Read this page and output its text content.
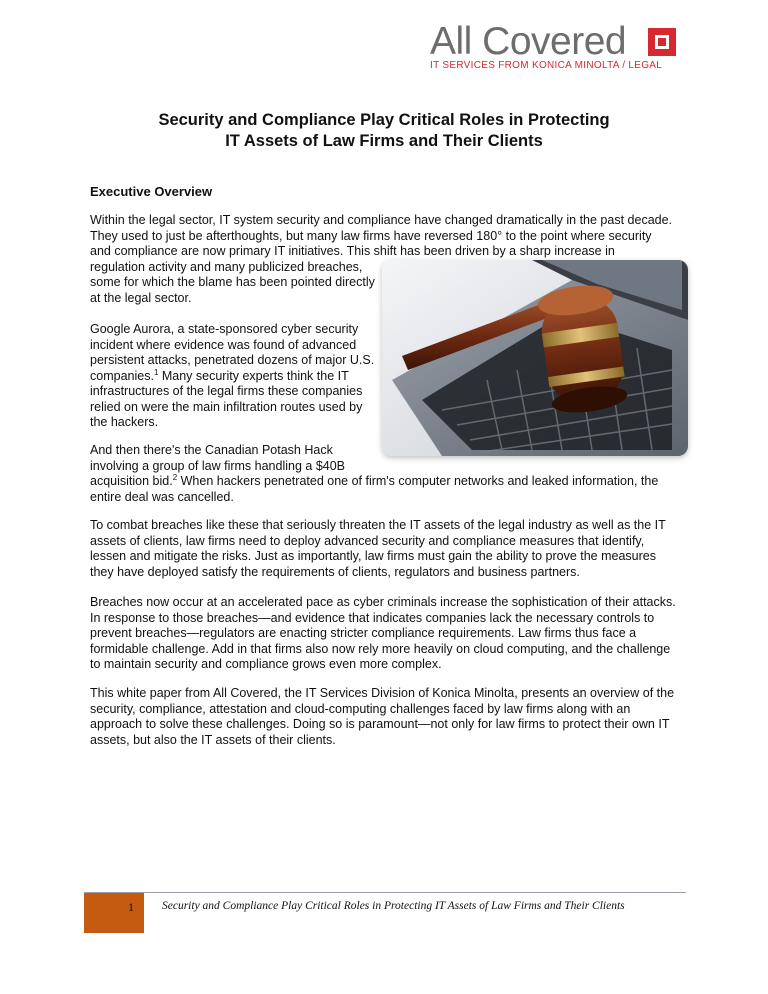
All Covered
IT SERVICES FROM KONICA MINOLTA / LEGAL
Security and Compliance Play Critical Roles in Protecting
IT Assets of Law Firms and Their Clients
Executive Overview

Within the legal sector, IT system security and compliance have changed dramatically in the past decade.
They used to just be afterthoughts, but many law firms have reversed 180° to the point where security
and compliance are now primary IT initiatives. This shift has been driven by a sharp increase in
regulation activity and many publicized breaches,
some for which the blame has been pointed directly
at the legal sector.

Google Aurora, a state-sponsored cyber security
incident where evidence was found of advanced
persistent attacks, penetrated dozens of major U.S.
companies.$^1$ Many security experts think the IT
infrastructures of the legal firms these companies
relied on were the main infiltration routes used by
the hackers.

And then there's the Canadian Potash Hack
involving a group of law firms handling a $40B
acquisition bid.$^2$ When hackers penetrated one of firm's computer networks and leaked information, the
entire deal was cancelled.

To combat breaches like these that seriously threaten the IT assets of the legal industry as well as the IT
assets of clients, law firms need to deploy advanced security and compliance measures that identify,
lessen and mitigate the risks. Just as importantly, law firms must gain the ability to prove the measures
they have deployed satisfy the requirements of clients, regulators and business partners.

Breaches now occur at an accelerated pace as cyber criminals increase the sophistication of their attacks.
In response to those breaches—and evidence that indicates companies lack the necessary controls to
prevent breaches—regulators are enacting stricter compliance requirements. Law firms thus face a
formidable challenge. Add in that firms also now rely more heavily on cloud computing, and the challenge
to maintain security and compliance grows even more complex.

This white paper from All Covered, the IT Services Division of Konica Minolta, presents an overview of the
security, compliance, attestation and cloud-computing challenges faced by law firms along with an
approach to solve these challenges. Doing so is paramount—not only for law firms to protect their own IT
assets, but also the IT assets of their clients.

1 Security and Compliance Play Critical Roles in Protecting IT Assets of Law Firms and Their Clients
